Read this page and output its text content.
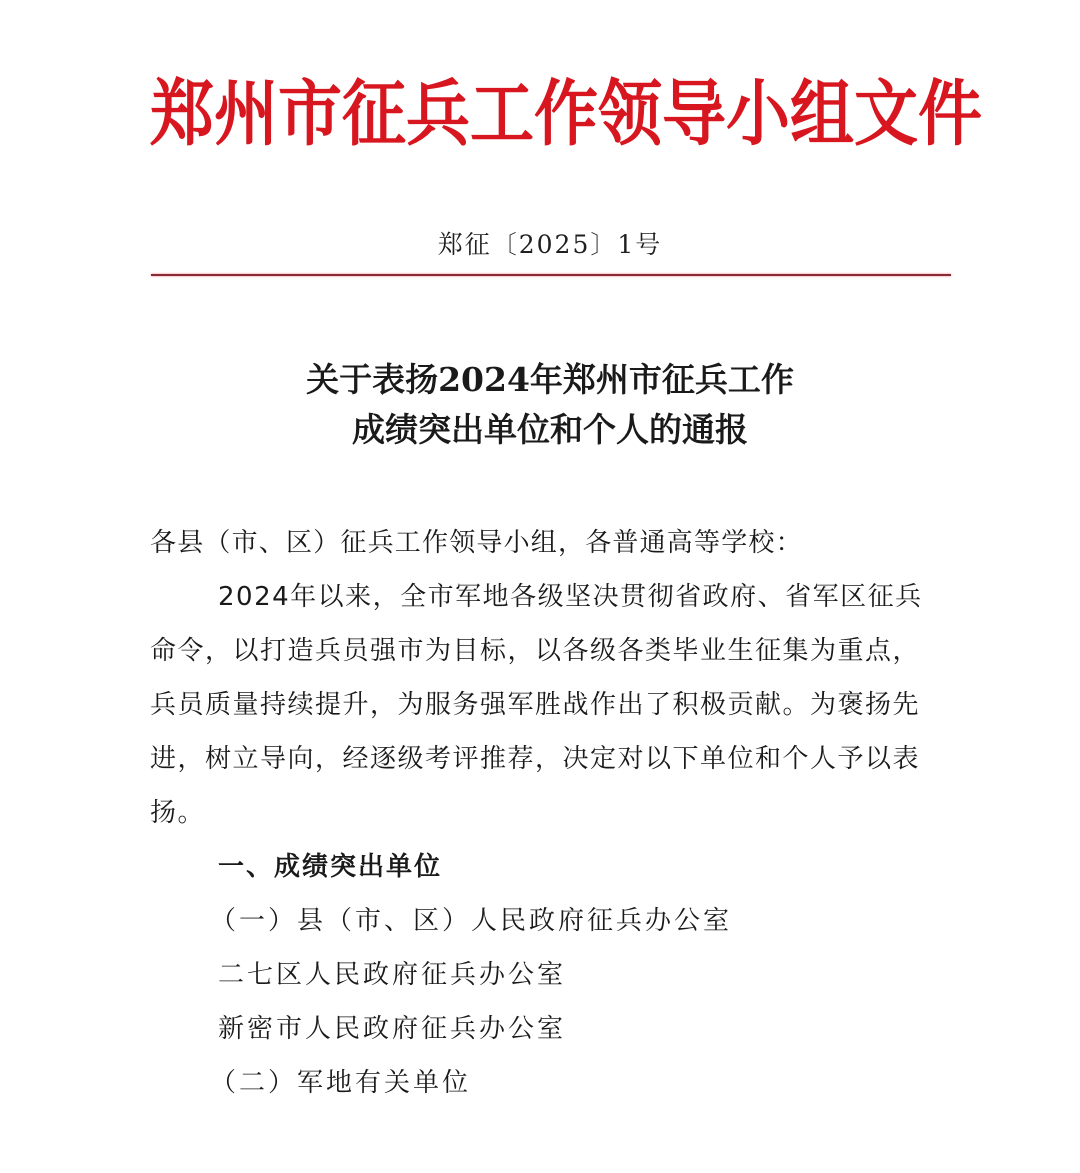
郑州市征兵工作领导小组文件
郑征〔2025〕1号
关于表扬2024年郑州市征兵工作
成绩突出单位和个人的通报

各县（市、区）征兵工作领导小组，各普通高等学校：

2024年以来，全市军地各级坚决贯彻省政府、省军区征兵
命令，以打造兵员强市为目标，以各级各类毕业生征集为重点，
兵员质量持续提升，为服务强军胜战作出了积极贡献。为褒扬先
进，树立导向，经逐级考评推荐，决定对以下单位和个人予以表
扬。
一、成绩突出单位
（一）县（市、区）人民政府征兵办公室
二七区人民政府征兵办公室
新密市人民政府征兵办公室
（二）军地有关单位
